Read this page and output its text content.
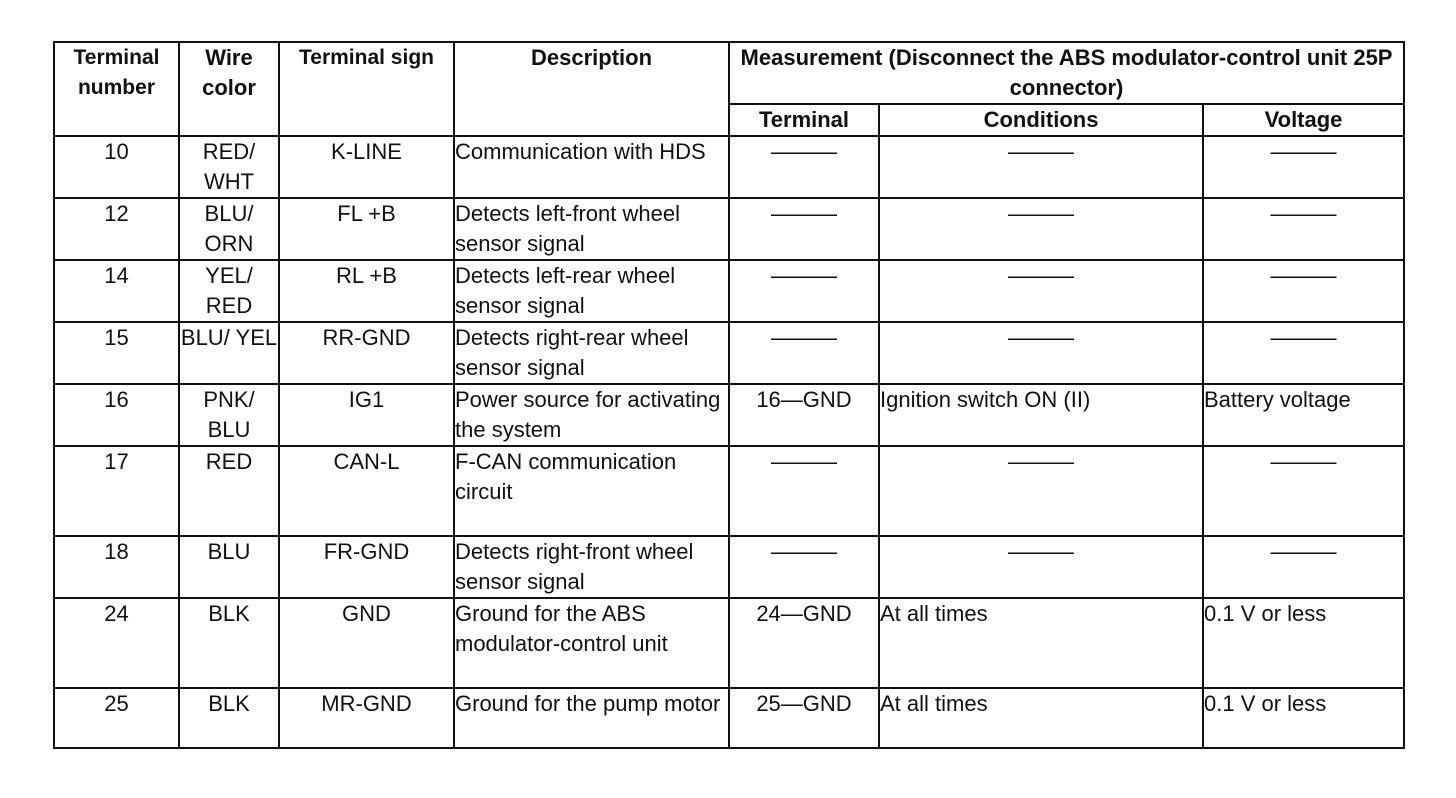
Terminal number	Wire color	Terminal sign	Description	Measurement (Disconnect the ABS modulator-control unit 25P connector)		
				Terminal	Conditions	Voltage
10	RED/ WHT	K-LINE	Communication with HDS	———	———	———
12	BLU/ ORN	FL +B	Detects left-front wheel sensor signal	———	———	———
14	YEL/ RED	RL +B	Detects left-rear wheel sensor signal	———	———	———
15	BLU/ YEL	RR-GND	Detects right-rear wheel sensor signal	———	———	———
16	PNK/ BLU	IG1	Power source for activating the system	16—GND	Ignition switch ON (II)	Battery voltage
17	RED	CAN-L	F-CAN communication circuit	———	———	———
18	BLU	FR-GND	Detects right-front wheel sensor signal	———	———	———
24	BLK	GND	Ground for the ABS modulator-control unit	24—GND	At all times	0.1 V or less
25	BLK	MR-GND	Ground for the pump motor	25—GND	At all times	0.1 V or less
